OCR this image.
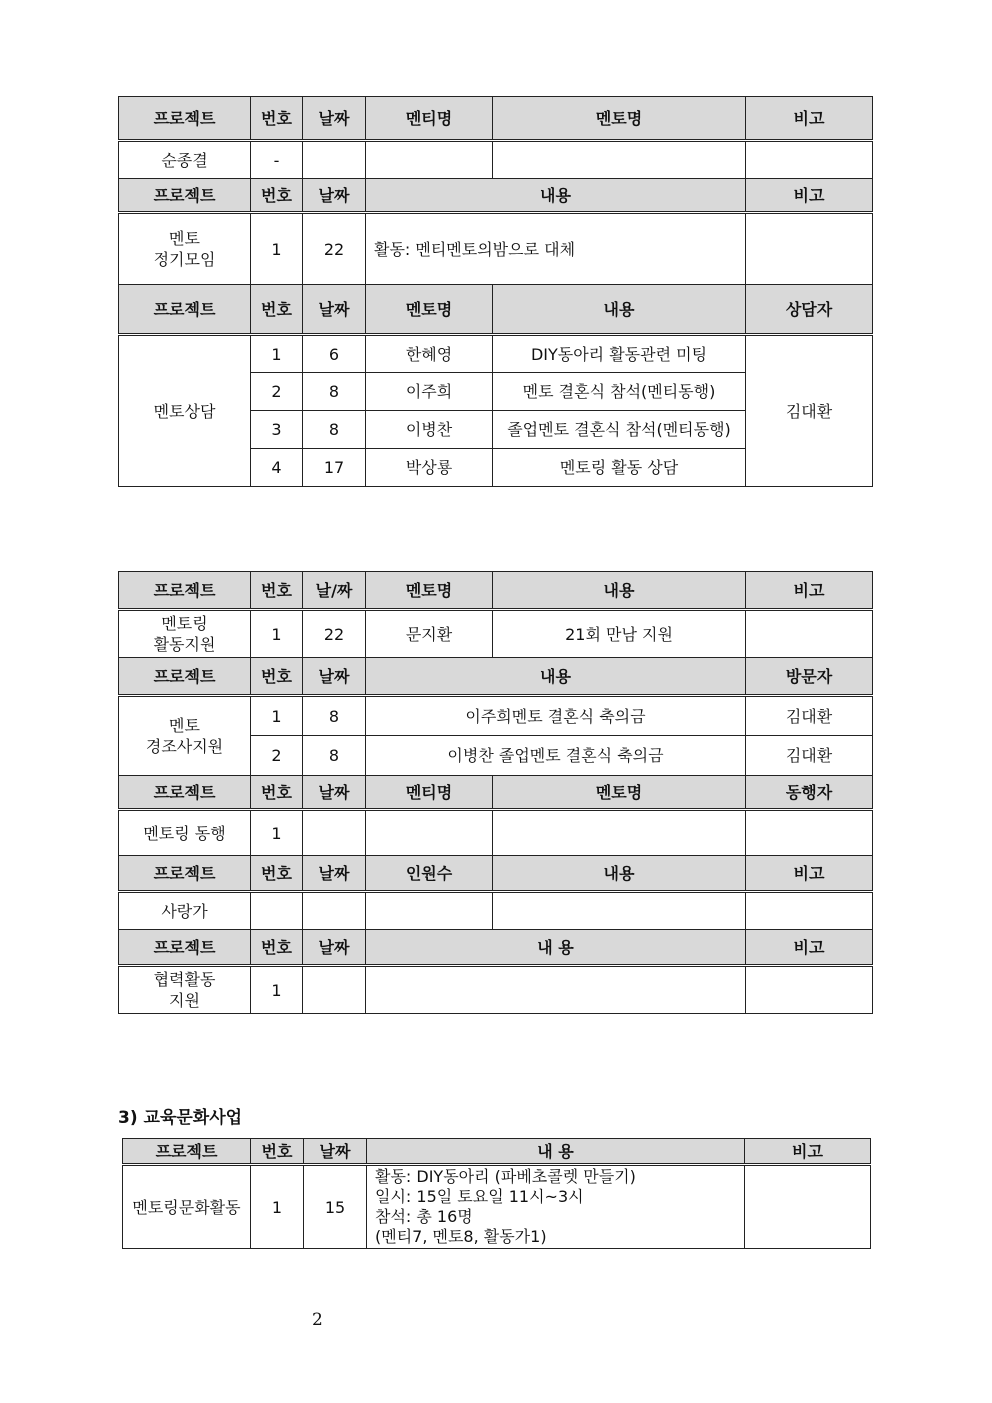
프로젝트	번호	날짜	멘티명	멘토명	비고
순종결	-				
프로젝트	번호	날짜	내용		비고

멘토
정기모임	1	22	활동: 멘티멘토의밤으로 대체		
프로젝트	번호	날짜	멘토명	내용	상담자
멘토상담	1	6	한혜영	DIY동아리 활동관련 미팅	김대환
	2	8	이주희	멘토 결혼식 참석(멘티동행)	
	3	8	이병찬	졸업멘토 결혼식 참석(멘티동행)	
	4	17	박상룡	멘토링 활동 상담	
프로젝트	번호	날/짜	멘토명	내용	비고

멘토링
활동지원	1	22	문지환	21회 만남 지원	
프로젝트	번호	날짜	내용		방문자

멘토
경조사지원	1	8	이주희멘토 결혼식 축의금		김대환
	2	8	이병찬 졸업멘토 결혼식 축의금		김대환
프로젝트	번호	날짜	멘티명	멘토명	동행자
멘토링 동행	1				
프로젝트	번호	날짜	인원수	내용	비고
사랑가					
프로젝트	번호	날짜	내 용		비고

협력활동
지원	1				
3) 교육문화사업
프로젝트	번호	날짜	내 용	비고
멘토링문화활동	1	15	활동: DIY동아리 (파베초콜렛 만들기)
일시: 15일 토요일 11시~3시
참석: 총 16명
(멘티7, 멘토8, 활동가1)	

2
